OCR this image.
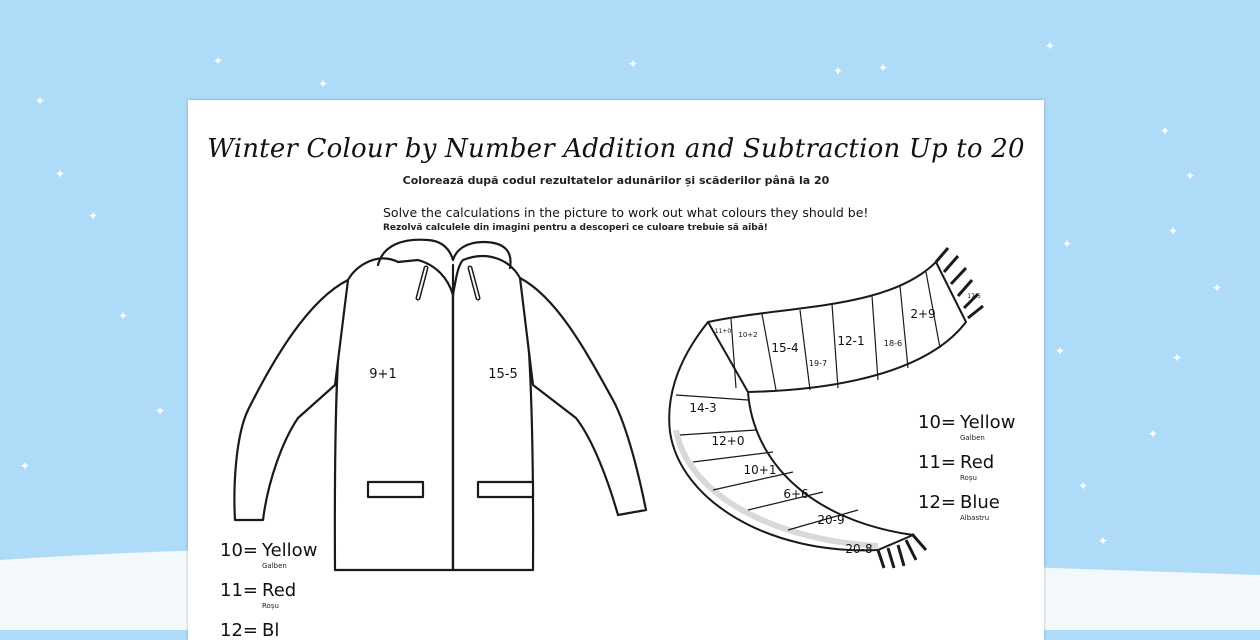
✦
✦
✦
✦
✦
✦
✦
✦
✦	✦	✦
✦
✦
✦
✦
✦
✦
✦
✦
✦
✦
✦
Winter Colour by Number Addition and Subtraction Up to 20
Colorează după codul rezultatelor adunărilor și scăderilor până la 20
Solve the calculations in the picture to work out what colours they should be!
Rezolvă calculele din imagini pentru a descoperi ce culoare trebuie să aibă!
9+1	15-5
17-5
2+9
18-6
12-1
19-7
15-4
10+2
11+0
14-3
12+0
10+1
6+6
20-9
20-8
10= Yellow
Galben
11= Red
Roșu
12= Blue
Albastru
10= Yellow
Galben
11= Red
Roșu
12= Bl
